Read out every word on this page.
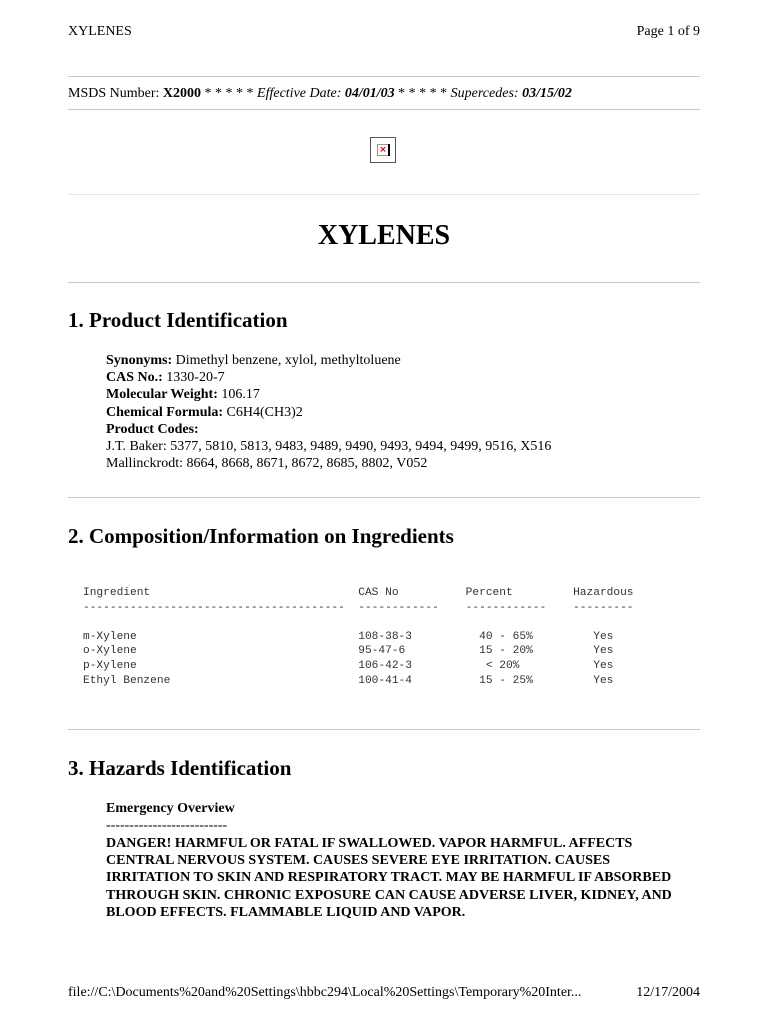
XYLENES	Page 1 of 9
MSDS Number: X2000 * * * * * Effective Date: 04/01/03 * * * * * Supercedes: 03/15/02
×
XYLENES
1. Product Identification
Synonyms: Dimethyl benzene, xylol, methyltoluene
CAS No.: 1330-20-7
Molecular Weight: 106.17
Chemical Formula: C6H4(CH3)2
Product Codes:
J.T. Baker: 5377, 5810, 5813, 9483, 9489, 9490, 9493, 9494, 9499, 9516, X516
Mallinckrodt: 8664, 8668, 8671, 8672, 8685, 8802, V052
2. Composition/Information on Ingredients
Ingredient                               CAS No          Percent         Hazardous
---------------------------------------  ------------    ------------    ---------

m-Xylene                                 108-38-3          40 - 65%         Yes
o-Xylene                                 95-47-6           15 - 20%         Yes
p-Xylene                                 106-42-3           < 20%           Yes
Ethyl Benzene                            100-41-4          15 - 25%         Yes
3. Hazards Identification
Emergency Overview
--------------------------
DANGER! HARMFUL OR FATAL IF SWALLOWED. VAPOR HARMFUL. AFFECTS CENTRAL NERVOUS SYSTEM. CAUSES SEVERE EYE IRRITATION. CAUSES IRRITATION TO SKIN AND RESPIRATORY TRACT. MAY BE HARMFUL IF ABSORBED THROUGH SKIN. CHRONIC EXPOSURE CAN CAUSE ADVERSE LIVER, KIDNEY, AND BLOOD EFFECTS. FLAMMABLE LIQUID AND VAPOR.
file://C:\Documents%20and%20Settings\hbbc294\Local%20Settings\Temporary%20Inter...	12/17/2004
